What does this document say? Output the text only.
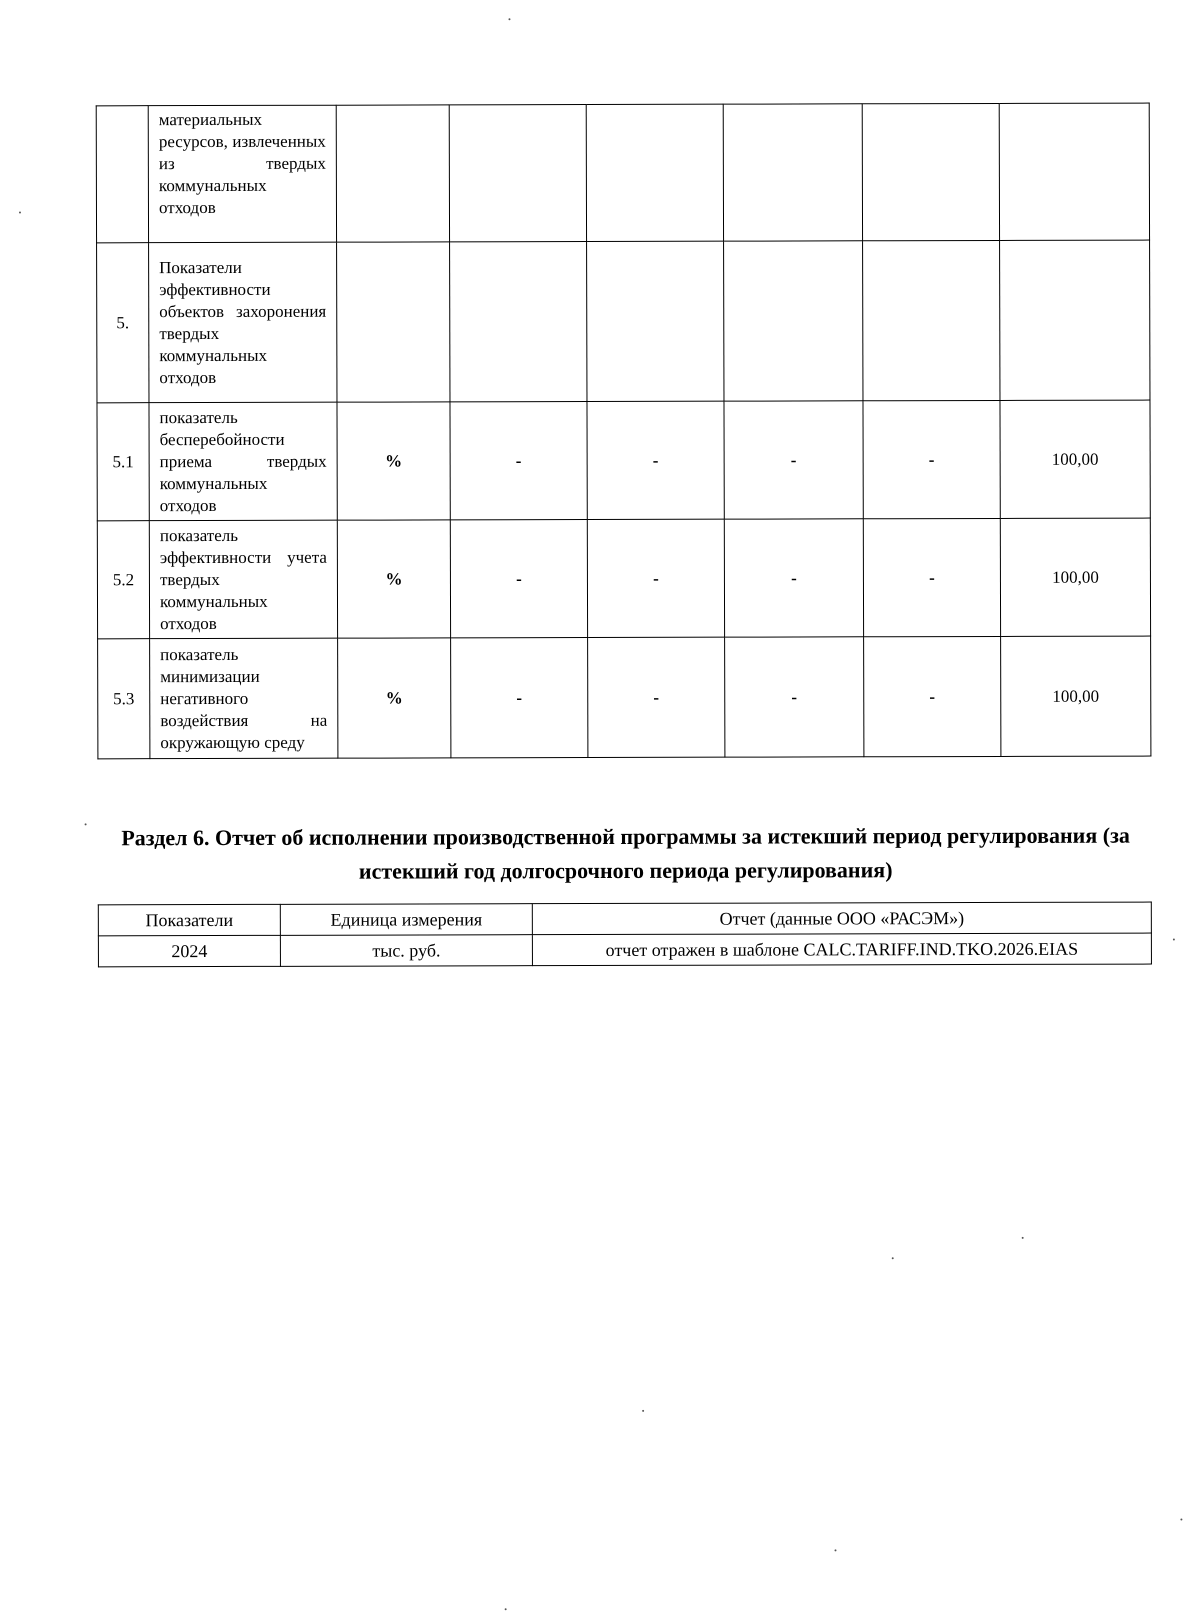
	материальных ресурсов, извлеченных из твердых коммунальных отходов						
5.	Показатели эффективности объектов захоронения твердых коммунальных отходов						
5.1	показатель бесперебойности приема твердых коммунальных отходов	%	-	-	-	-	100,00
5.2	показатель эффективности учета твердых коммунальных отходов	%	-	-	-	-	100,00
5.3	показатель минимизации негативного воздействия на окружающую среду	%	-	-	-	-	100,00
Раздел 6. Отчет об исполнении производственной программы за истекший период регулирования (за истекший год долгосрочного периода регулирования)
Показатели	Единица измерения	Отчет (данные ООО «РАСЭМ»)
2024	тыс. руб.	отчет отражен в шаблоне CALC.TARIFF.IND.TKO.2026.EIAS
